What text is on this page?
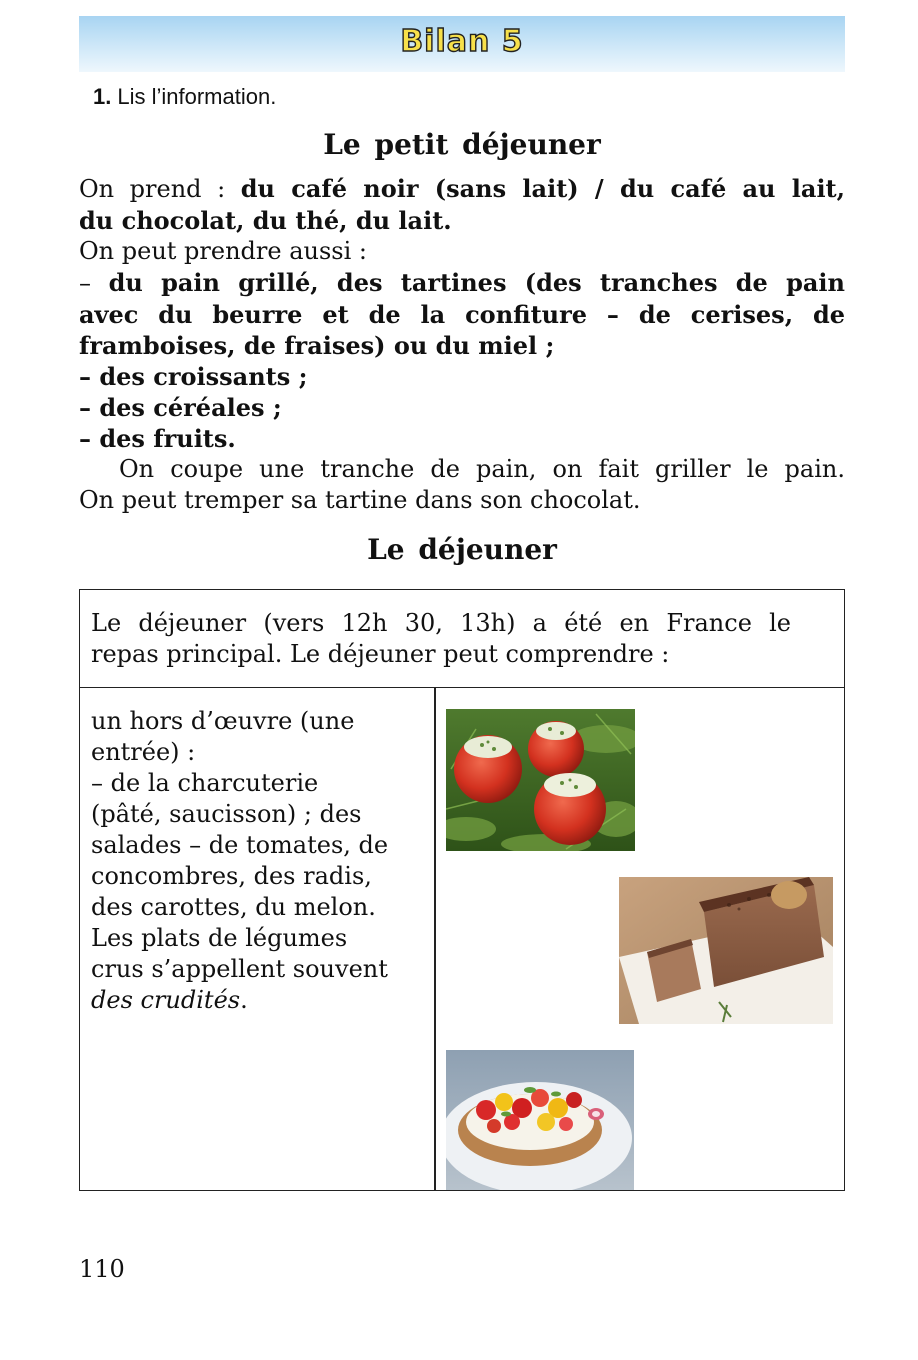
Bilan 5
1. Lis l’information.
Le petit déjeuner

On prend : du café noir (sans lait) / du café au lait,

du chocolat, du thé, du lait.

On peut prendre aussi :

– du pain grillé, des tartines (des tranches de pain

avec du beurre et de la confiture – de cerises, de

framboises, de fraises) ou du miel ;

– des croissants ;

– des céréales ;

– des fruits.

On coupe une tranche de pain, on fait griller le pain.

On peut tremper sa tartine dans son chocolat.

Le déjeuner
Le déjeuner (vers 12h 30, 13h) a été en France le
repas principal. Le déjeuner peut comprendre :
un hors d’œuvre (une
entrée) :
– de la charcuterie
(pâté, saucisson) ; des
salades – de tomates, de
concombres, des radis,
des carottes, du melon.
Les plats de légumes
crus s’appellent souvent
des crudités.
110
